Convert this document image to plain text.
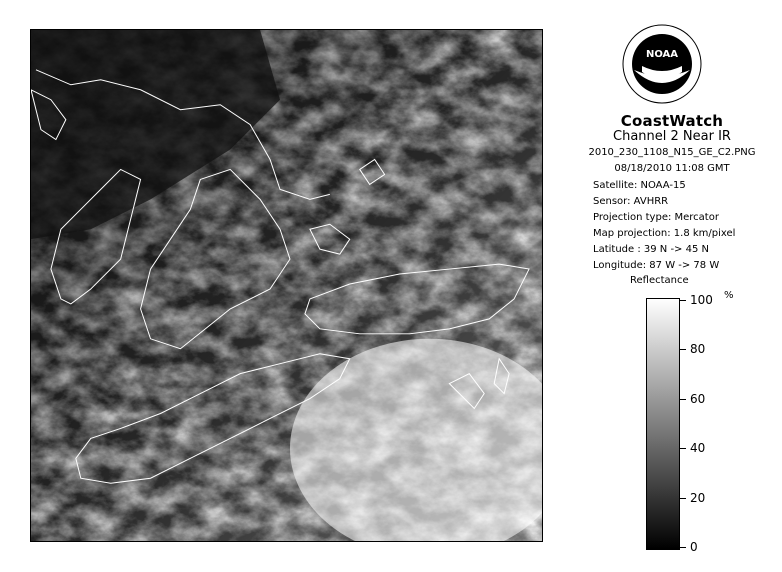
NOAA
CoastWatch
Channel 2 Near IR
2010_230_1108_N15_GE_C2.PNG
08/18/2010 11:08 GMT
Satellite: NOAA-15
Sensor: AVHRR
Projection type: Mercator
Map projection: 1.8 km/pixel
Latitude : 39 N -> 45 N
Longitude: 87 W -> 78 W
Reflectance
%
100
80
60
40
20
0
